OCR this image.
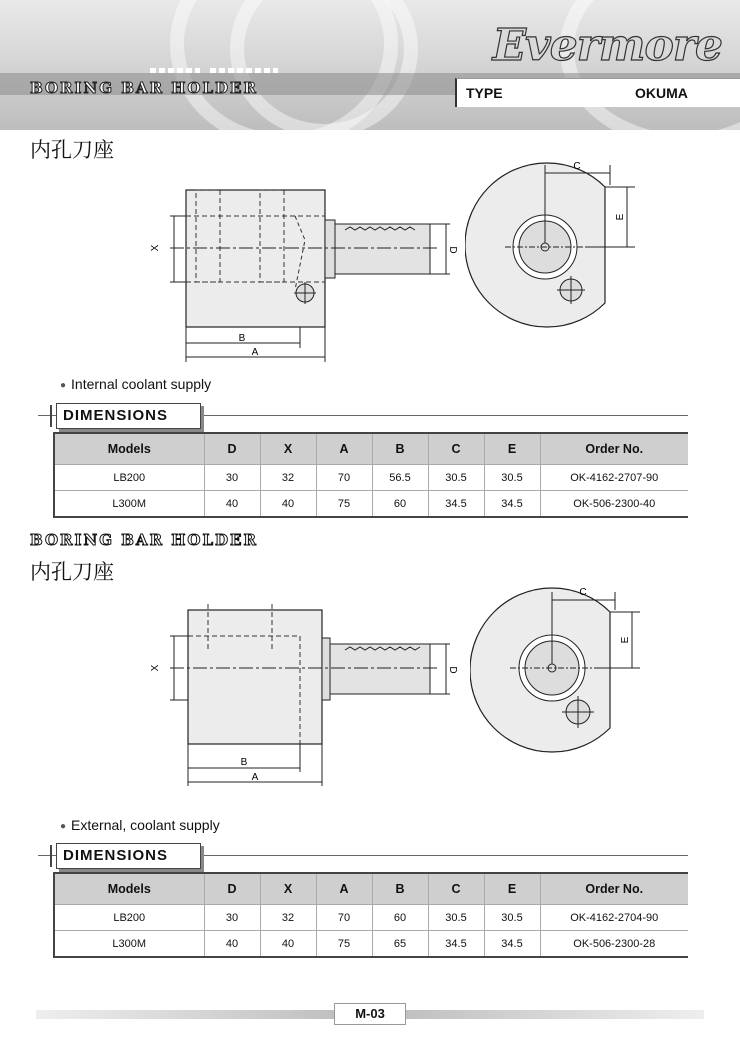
BORING BAR HOLDER
Evermore
TYPE	OKUMA
内孔刀座
X	D
B
A
C
E
● Internal coolant supply
DIMENSIONS
Models	D	X	A	B	C	E	Order No.
LB200	30	32	70	56.5	30.5	30.5	OK-4162-2707-90
L300M	40	40	75	60	34.5	34.5	OK-506-2300-40
BORING BAR HOLDER
内孔刀座
X	D
B
A
C
E
● External, coolant supply
DIMENSIONS
Models	D	X	A	B	C	E	Order No.
LB200	30	32	70	60	30.5	30.5	OK-4162-2704-90
L300M	40	40	75	65	34.5	34.5	OK-506-2300-28
M-03
